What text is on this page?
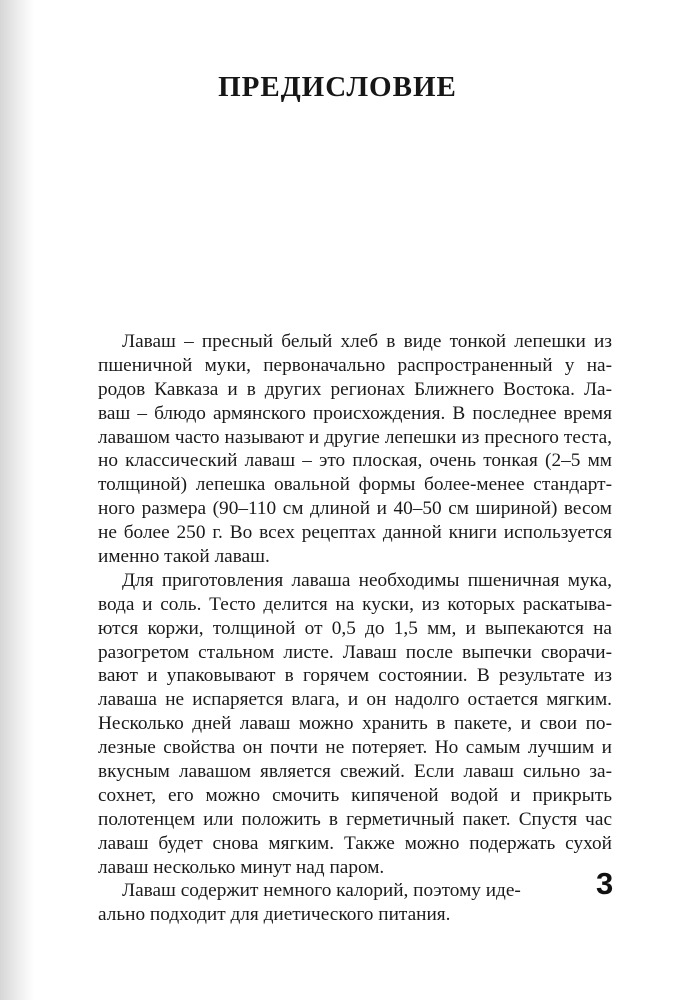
ПРЕДИСЛОВИЕ
Лаваш – пресный белый хлеб в виде тонкой лепешки из
пшеничной муки, первоначально распространенный у на-
родов Кавказа и в других регионах Ближнего Востока. Ла-
ваш – блюдо армянского происхождения. В последнее время
лавашом часто называют и другие лепешки из пресного теста,
но классический лаваш – это плоская, очень тонкая (2–5 мм
толщиной) лепешка овальной формы более-менее стандарт-
ного размера (90–110 см длиной и 40–50 см шириной) весом
не более 250 г. Во всех рецептах данной книги используется
именно такой лаваш.
Для приготовления лаваша необходимы пшеничная мука,
вода и соль. Тесто делится на куски, из которых раскатыва-
ются коржи, толщиной от 0,5 до 1,5 мм, и выпекаются на
разогретом стальном листе. Лаваш после выпечки сворачи-
вают и упаковывают в горячем состоянии. В результате из
лаваша не испаряется влага, и он надолго остается мягким.
Несколько дней лаваш можно хранить в пакете, и свои по-
лезные свойства он почти не потеряет. Но самым лучшим и
вкусным лавашом является свежий. Если лаваш сильно за-
сохнет, его можно смочить кипяченой водой и прикрыть
полотенцем или положить в герметичный пакет. Спустя час
лаваш будет снова мягким. Также можно подержать сухой
лаваш несколько минут над паром.
Лаваш содержит немного калорий, поэтому иде-
ально подходит для диетического питания.
3
